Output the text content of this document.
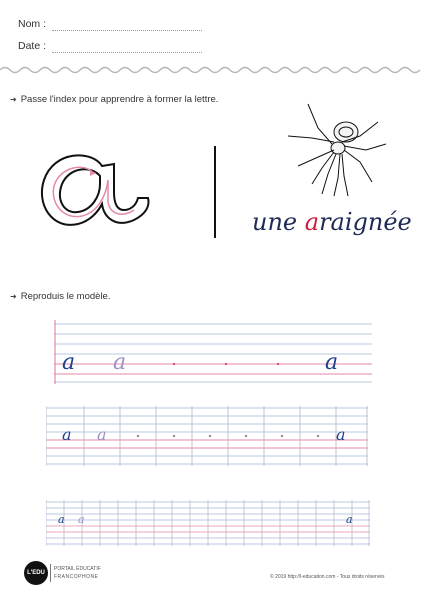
Nom :
Date :
➜ Passe l'index pour apprendre à former la lettre.
une araignée
➜ Reproduis le modèle.
a a	a
a a	a
a a	a
L'EDU
PORTAIL ÉDUCATIF
FRANCOPHONE	© 2019 http://l-education.com - Tous droits réservés
